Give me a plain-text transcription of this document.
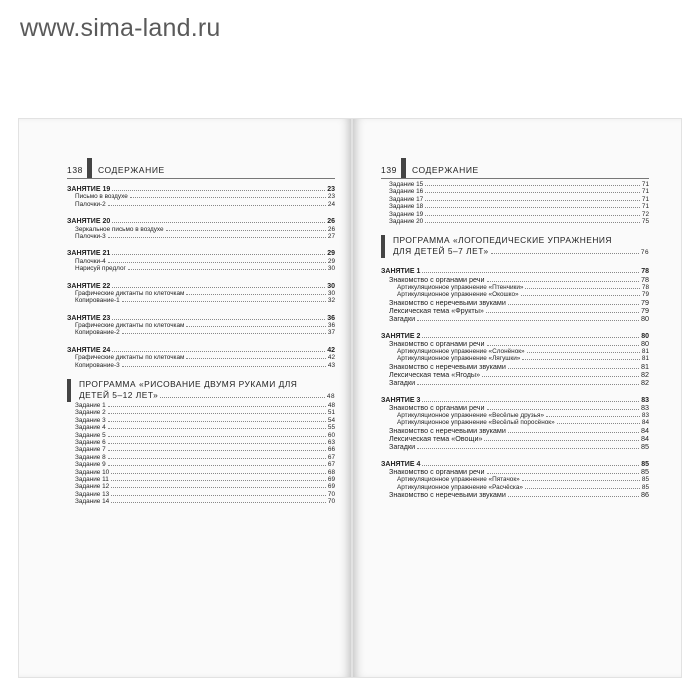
www.sima-land.ru
138 СОДЕРЖАНИЕ
ЗАНЯТИЕ 19	23
Письмо в воздухе	23
Палочки-2	24
ЗАНЯТИЕ 20	26
Зеркальное письмо в воздухе	26
Палочки-3	27
ЗАНЯТИЕ 21	29
Палочки-4	29
Нарисуй предлог	30
ЗАНЯТИЕ 22	30
Графические диктанты по клеточкам	30
Копирование-1	32
ЗАНЯТИЕ 23	36
Графические диктанты по клеточкам	36
Копирование-2	37
ЗАНЯТИЕ 24	42
Графические диктанты по клеточкам	42
Копирование-3	43
ПРОГРАММА «РИСОВАНИЕ ДВУМЯ РУКАМИ ДЛЯ
ДЕТЕЙ 5–12 ЛЕТ»	48
Задание 1	48
Задание 2	51
Задание 3	54
Задание 4	55
Задание 5	60
Задание 6	63
Задание 7	66
Задание 8	67
Задание 9	67
Задание 10	68
Задание 11	69
Задание 12	69
Задание 13	70
Задание 14	70
139 СОДЕРЖАНИЕ
Задание 15	71
Задание 16	71
Задание 17	71
Задание 18	71
Задание 19	72
Задание 20	75
ПРОГРАММА «ЛОГОПЕДИЧЕСКИЕ УПРАЖНЕНИЯ
ДЛЯ ДЕТЕЙ 5–7 ЛЕТ»	76
ЗАНЯТИЕ 1	78
Знакомство с органами речи	78
Артикуляционное упражнение «Птенчики»	78
Артикуляционное упражнение «Окошко»	79
Знакомство с неречевыми звуками	79
Лексическая тема «Фрукты»	79
Загадки	80
ЗАНЯТИЕ 2	80
Знакомство с органами речи	80
Артикуляционное упражнение «Слонёнок»	81
Артикуляционное упражнение «Лягушки»	81
Знакомство с неречевыми звуками	81
Лексическая тема «Ягоды»	82
Загадки	82
ЗАНЯТИЕ 3	83
Знакомство с органами речи	83
Артикуляционное упражнение «Весёлые друзья»	83
Артикуляционное упражнение «Весёлый поросёнок»	84
Знакомство с неречевыми звуками	84
Лексическая тема «Овощи»	84
Загадки	85
ЗАНЯТИЕ 4	85
Знакомство с органами речи	85
Артикуляционное упражнение «Пятачок»	85
Артикуляционное упражнение «Расчёска»	85
Знакомство с неречевыми звуками	86
